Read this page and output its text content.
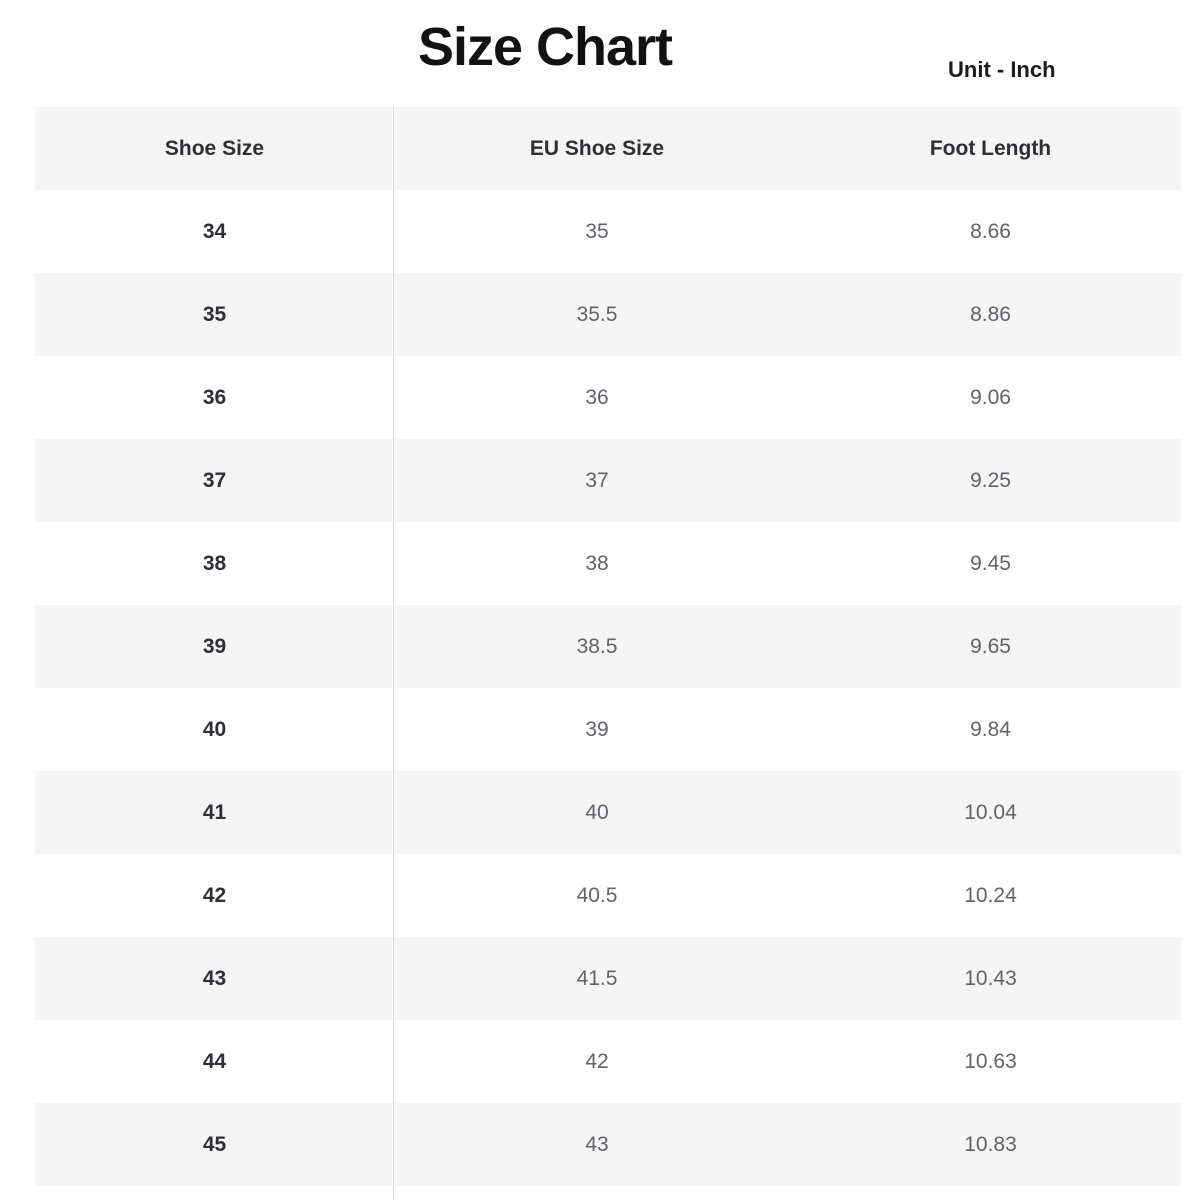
Size Chart	Unit - Inch
Shoe Size	EU Shoe Size	Foot Length
34	35	8.66
35	35.5	8.86
36	36	9.06
37	37	9.25
38	38	9.45
39	38.5	9.65
40	39	9.84
41	40	10.04
42	40.5	10.24
43	41.5	10.43
44	42	10.63
45	43	10.83
